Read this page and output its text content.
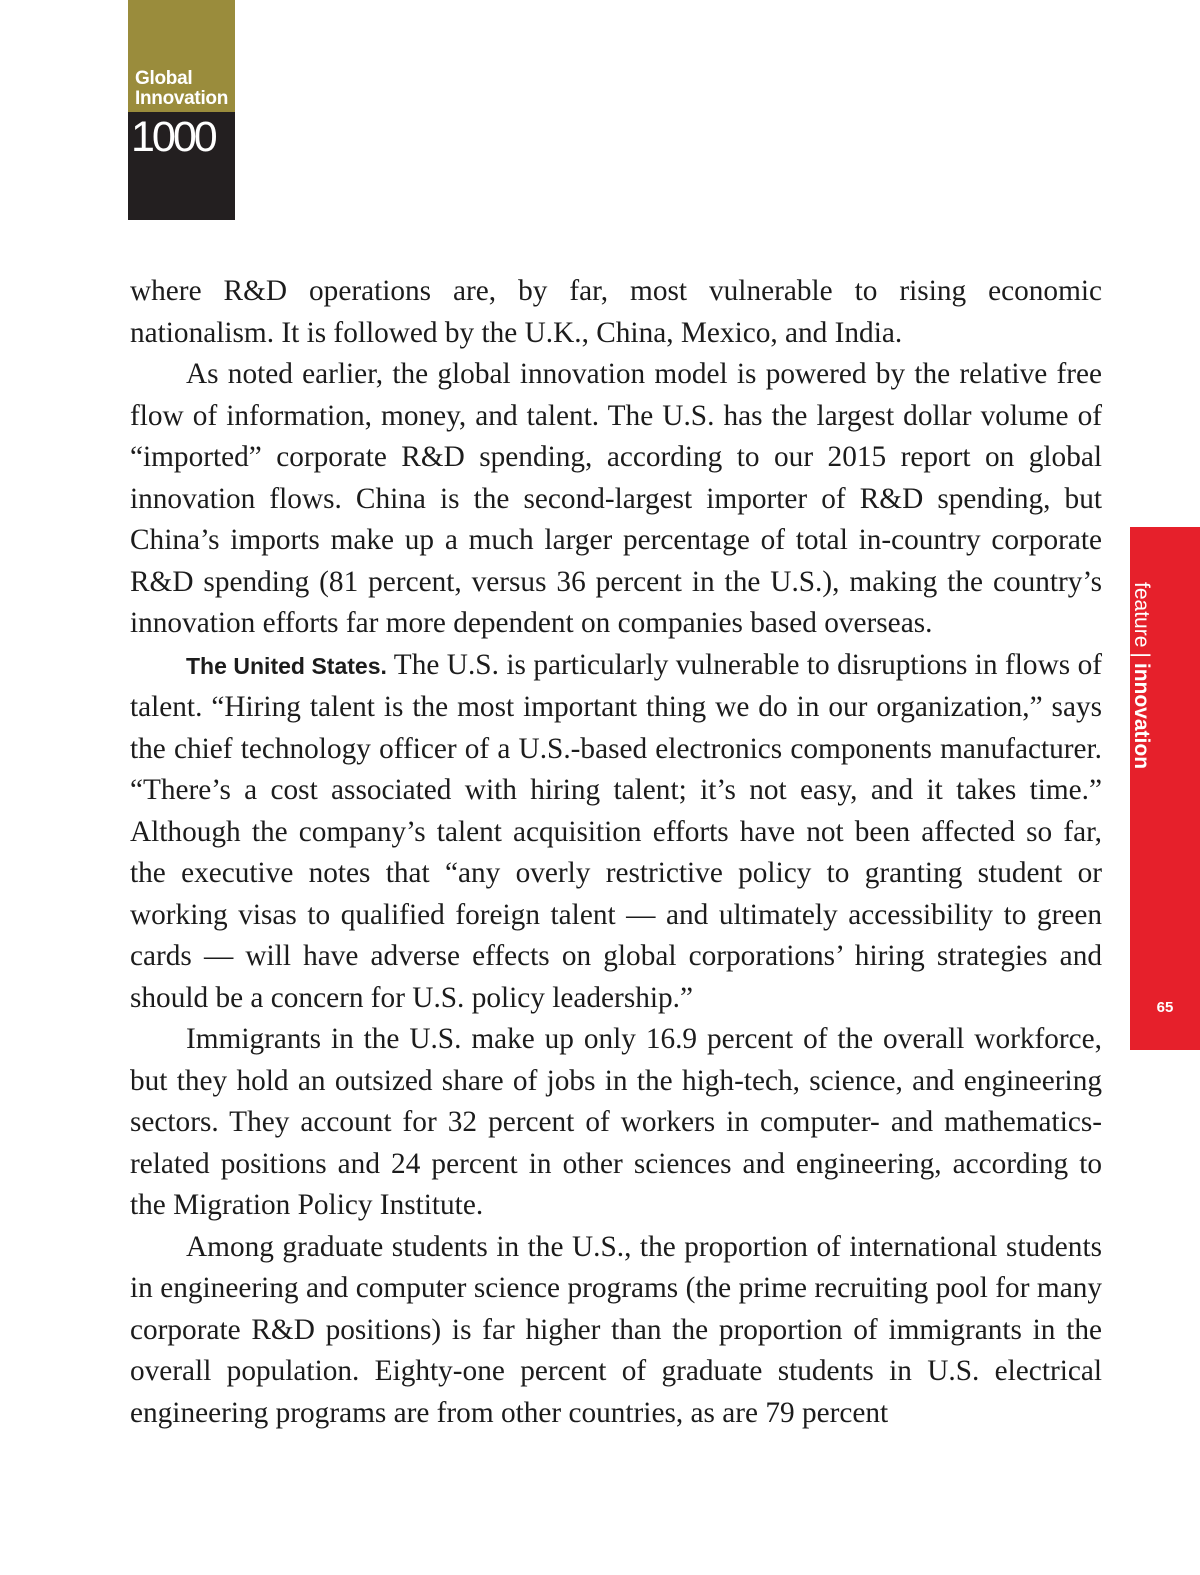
Global
Innovation
1000
feature|innovation
65

where R&D operations are, by far, most vulnerable to rising economic nationalism. It is followed by the U.K., China, Mexico, and India.

As noted earlier, the global innovation model is powered by the relative free flow of information, money, and talent. The U.S. has the largest dollar volume of “imported” corporate R&D spending, according to our 2015 report on global innovation flows. China is the second-largest importer of R&D spending, but China’s imports make up a much larger percentage of total in-country corporate R&D spending (81 percent, versus 36 percent in the U.S.), making the country’s innovation efforts far more dependent on companies based overseas.

The United States. The U.S. is particularly vulnerable to disruptions in flows of talent. “Hiring talent is the most important thing we do in our organization,” says the chief technology officer of a U.S.-based electronics components manufacturer. “There’s a cost associated with hiring talent; it’s not easy, and it takes time.” Although the company’s talent acquisition efforts have not been affected so far, the executive notes that “any overly restrictive policy to granting student or working visas to qualified foreign talent — and ultimately accessibility to green cards — will have adverse effects on global corporations’ hiring strategies and should be a concern for U.S. policy leadership.”

Immigrants in the U.S. make up only 16.9 percent of the overall workforce, but they hold an outsized share of jobs in the high-tech, science, and engineering sectors. They account for 32 percent of workers in computer- and mathematics-related positions and 24 percent in other sciences and engineering, according to the Migration Policy Institute.

Among graduate students in the U.S., the proportion of international students in engineering and computer science programs (the prime recruiting pool for many corporate R&D positions) is far higher than the proportion of immigrants in the overall population. Eighty-one percent of graduate students in U.S. electrical engineering programs are from other countries, as are 79 percent
